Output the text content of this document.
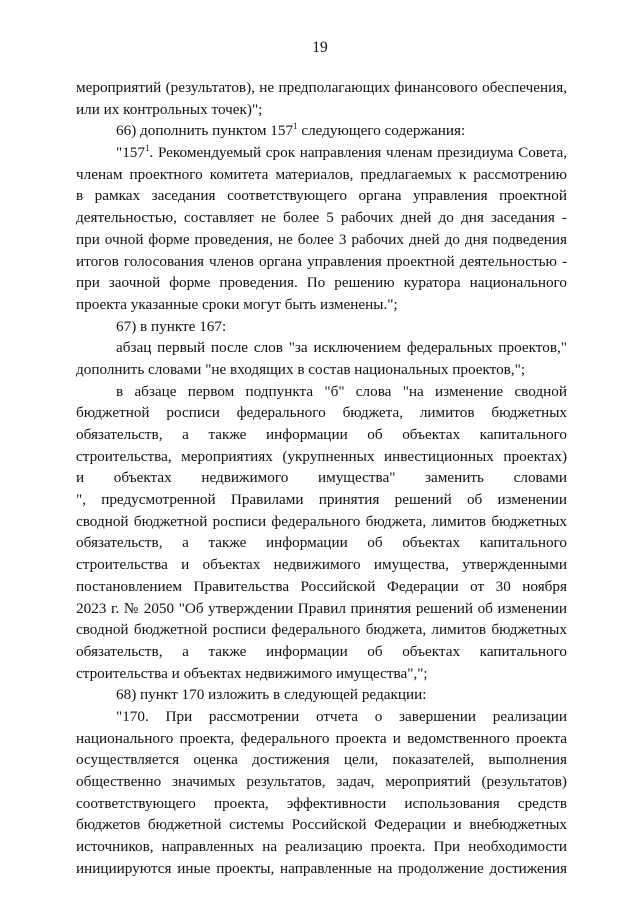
19
мероприятий (результатов), не предполагающих финансового обеспечения,
или их контрольных точек)";
66) дополнить пунктом $157^1$ следующего содержания:
"$157^1$. Рекомендуемый срок направления членам президиума Совета,
членам проектного комитета материалов, предлагаемых к рассмотрению
в рамках заседания соответствующего органа управления проектной
деятельностью, составляет не более 5 рабочих дней до дня заседания -
при очной форме проведения, не более 3 рабочих дней до дня подведения
итогов голосования членов органа управления проектной деятельностью -
при заочной форме проведения. По решению куратора национального
проекта указанные сроки могут быть изменены.";
67) в пункте 167:
абзац первый после слов "за исключением федеральных проектов,"
дополнить словами "не входящих в состав национальных проектов,";
в абзаце первом подпункта "б" слова "на изменение сводной
бюджетной росписи федерального бюджета, лимитов бюджетных
обязательств, а также информации об объектах капитального
строительства, мероприятиях (укрупненных инвестиционных проектах)
и объектах недвижимого имущества" заменить словами
", предусмотренной Правилами принятия решений об изменении
сводной бюджетной росписи федерального бюджета, лимитов бюджетных
обязательств, а также информации об объектах капитального
строительства и объектах недвижимого имущества, утвержденными
постановлением Правительства Российской Федерации от 30 ноября
2023 г. № 2050 "Об утверждении Правил принятия решений об изменении
сводной бюджетной росписи федерального бюджета, лимитов бюджетных
обязательств, а также информации об объектах капитального
строительства и объектах недвижимого имущества",";
68) пункт 170 изложить в следующей редакции:
"170. При рассмотрении отчета о завершении реализации
национального проекта, федерального проекта и ведомственного проекта
осуществляется оценка достижения цели, показателей, выполнения
общественно значимых результатов, задач, мероприятий (результатов)
соответствующего проекта, эффективности использования средств
бюджетов бюджетной системы Российской Федерации и внебюджетных
источников, направленных на реализацию проекта. При необходимости
инициируются иные проекты, направленные на продолжение достижения
